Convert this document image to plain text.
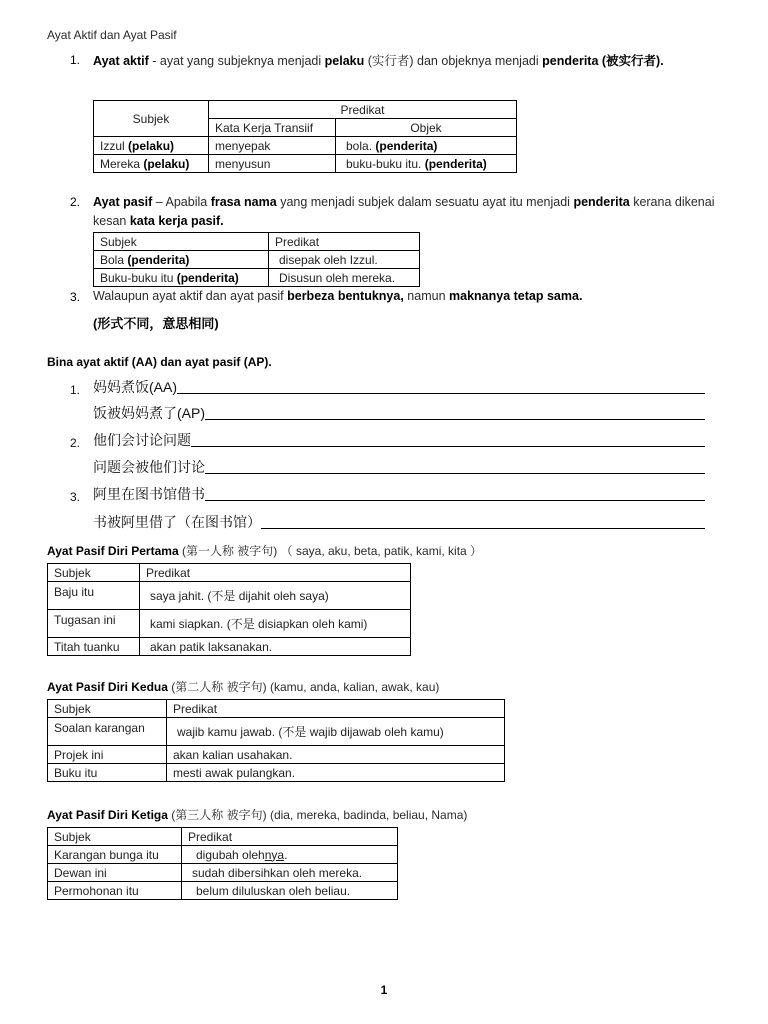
Ayat Aktif dan Ayat Pasif
1. Ayat aktif - ayat yang subjeknya menjadi pelaku (实行者) dan objeknya menjadi penderita (被实行者).
Subjek	Predikat	
	Kata Kerja Transiif	Objek
Izzul (pelaku)	menyepak	bola. (penderita)
Mereka (pelaku)	menyusun	buku-buku itu. (penderita)
2. Ayat pasif – Apabila frasa nama yang menjadi subjek dalam sesuatu ayat itu menjadi penderita kerana dikenai kesan kata kerja pasif.
Subjek	Predikat
Bola (penderita)	disepak oleh Izzul.
Buku-buku itu (penderita)	Disusun oleh mereka.
3. Walaupun ayat aktif dan ayat pasif berbeza bentuknya, namun maknanya tetap sama.
(形式不同，意思相同)
Bina ayat aktif (AA) dan ayat pasif (AP).
1. 妈妈煮饭(AA)
饭被妈妈煮了(AP)
2. 他们会讨论问题
问题会被他们讨论
3. 阿里在图书馆借书
书被阿里借了（在图书馆）
Ayat Pasif Diri Pertama (第一人称 被字句) （ saya, aku, beta, patik, kami, kita ）
Subjek	Predikat
Baju itu	saya jahit. (不是 dijahit oleh saya)
Tugasan ini	kami siapkan. (不是 disiapkan oleh kami)
Titah tuanku	akan patik laksanakan.
Ayat Pasif Diri Kedua (第二人称 被字句) (kamu, anda, kalian, awak, kau)
Subjek	Predikat
Soalan karangan	wajib kamu jawab. (不是 wajib dijawab oleh kamu)
Projek ini	akan kalian usahakan.
Buku itu	mesti awak pulangkan.
Ayat Pasif Diri Ketiga (第三人称 被字句) (dia, mereka, badinda, beliau, Nama)
Subjek	Predikat
Karangan bunga itu	digubah olehnya.
Dewan ini	sudah dibersihkan oleh mereka.
Permohonan itu	belum diluluskan oleh beliau.
1
